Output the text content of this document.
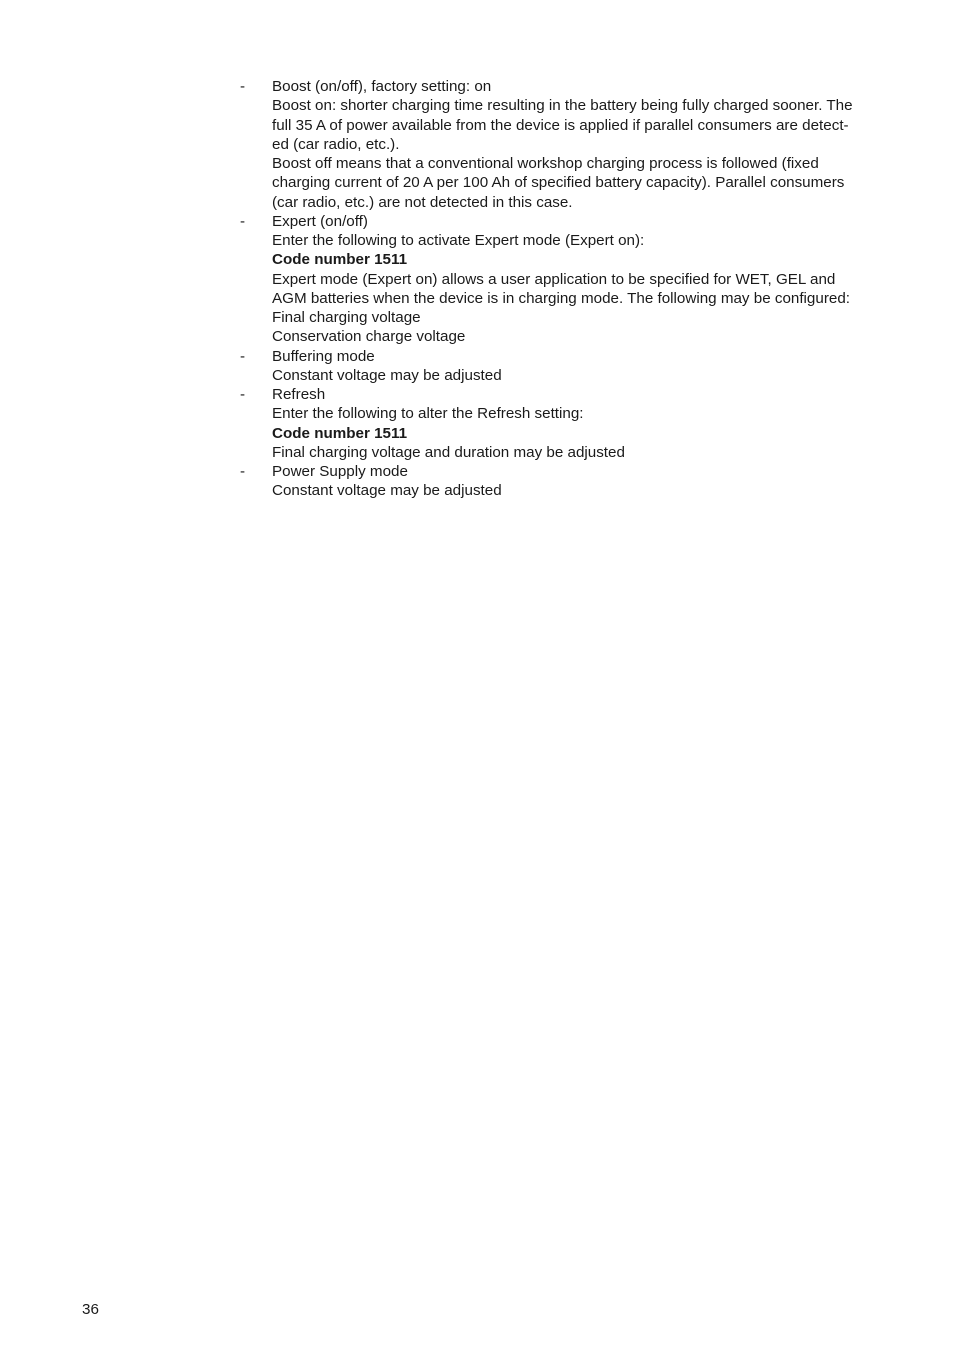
-	Boost (on/off), factory setting: on
Boost on: shorter charging time resulting in the battery being fully charged sooner. The
full 35 A of power available from the device is applied if parallel consumers are detect-
ed (car radio, etc.).
Boost off means that a conventional workshop charging process is followed (fixed
charging current of 20 A per 100 Ah of specified battery capacity). Parallel consumers
(car radio, etc.) are not detected in this case.
-	Expert (on/off)
Enter the following to activate Expert mode (Expert on):
Code number 1511
Expert mode (Expert on) allows a user application to be specified for WET, GEL and
AGM batteries when the device is in charging mode. The following may be configured:
Final charging voltage
Conservation charge voltage
-	Buffering mode
Constant voltage may be adjusted
-	Refresh
Enter the following to alter the Refresh setting:
Code number 1511
Final charging voltage and duration may be adjusted
-	Power Supply mode
Constant voltage may be adjusted
36
